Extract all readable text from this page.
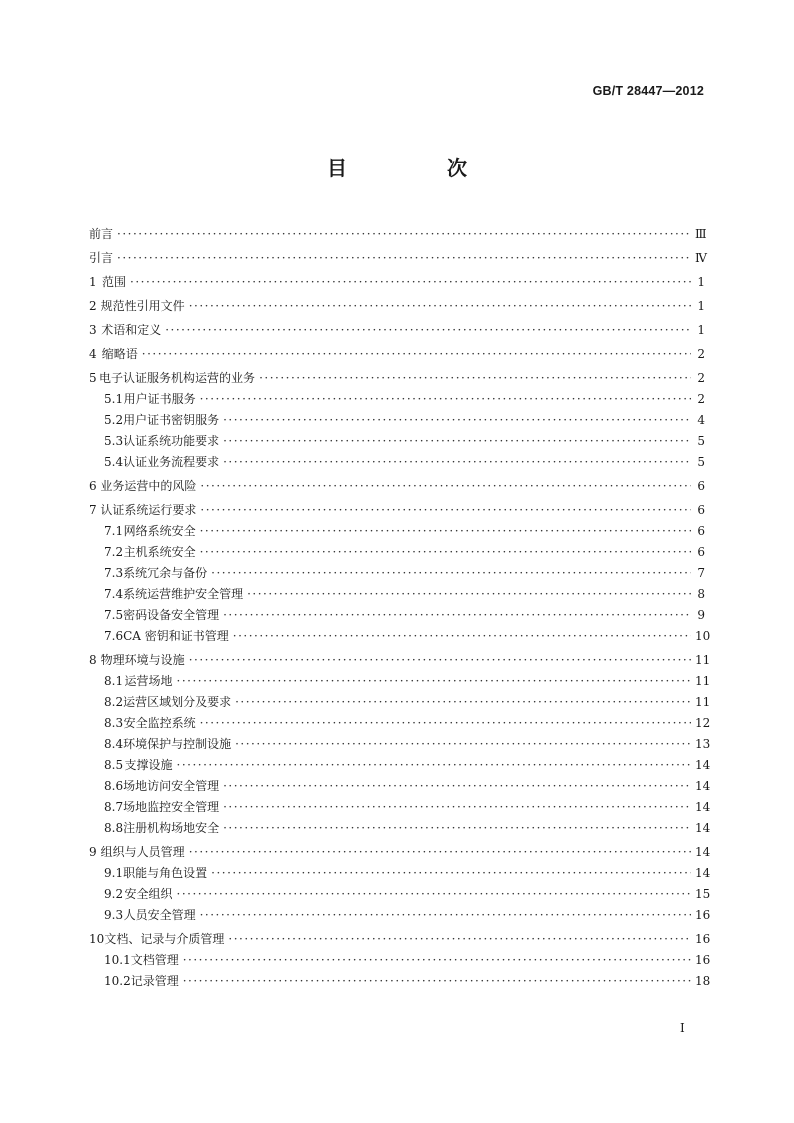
GB/T 28447—2012
目　次
前言 ·····	Ⅲ
引言 ·····	Ⅳ
1 范围 ·····	1
2 规范性引用文件 ·····	1
3 术语和定义 ·····	1
4 缩略语 ·····	2
5 电子认证服务机构运营的业务 ·····	2
5.1 用户证书服务 ·····	2
5.2 用户证书密钥服务 ·····	4
5.3 认证系统功能要求 ·····	5
5.4 认证业务流程要求 ·····	5
6 业务运营中的风险 ·····	6
7 认证系统运行要求 ·····	6
7.1 网络系统安全 ·····	6
7.2 主机系统安全 ·····	6
7.3 系统冗余与备份 ·····	7
7.4 系统运营维护安全管理 ·····	8
7.5 密码设备安全管理 ·····	9
7.6 CA 密钥和证书管理 ·····	10
8 物理环境与设施 ·····	11
8.1 运营场地 ·····	11
8.2 运营区域划分及要求 ·····	11
8.3 安全监控系统 ·····	12
8.4 环境保护与控制设施 ·····	13
8.5 支撑设施 ·····	14
8.6 场地访问安全管理 ·····	14
8.7 场地监控安全管理 ·····	14
8.8 注册机构场地安全 ·····	14
9 组织与人员管理 ·····	14
9.1 职能与角色设置 ·····	14
9.2 安全组织 ·····	15
9.3 人员安全管理 ·····	16
10 文档、记录与介质管理 ·····	16
10.1 文档管理 ·····	16
10.2 记录管理 ·····	18
I
